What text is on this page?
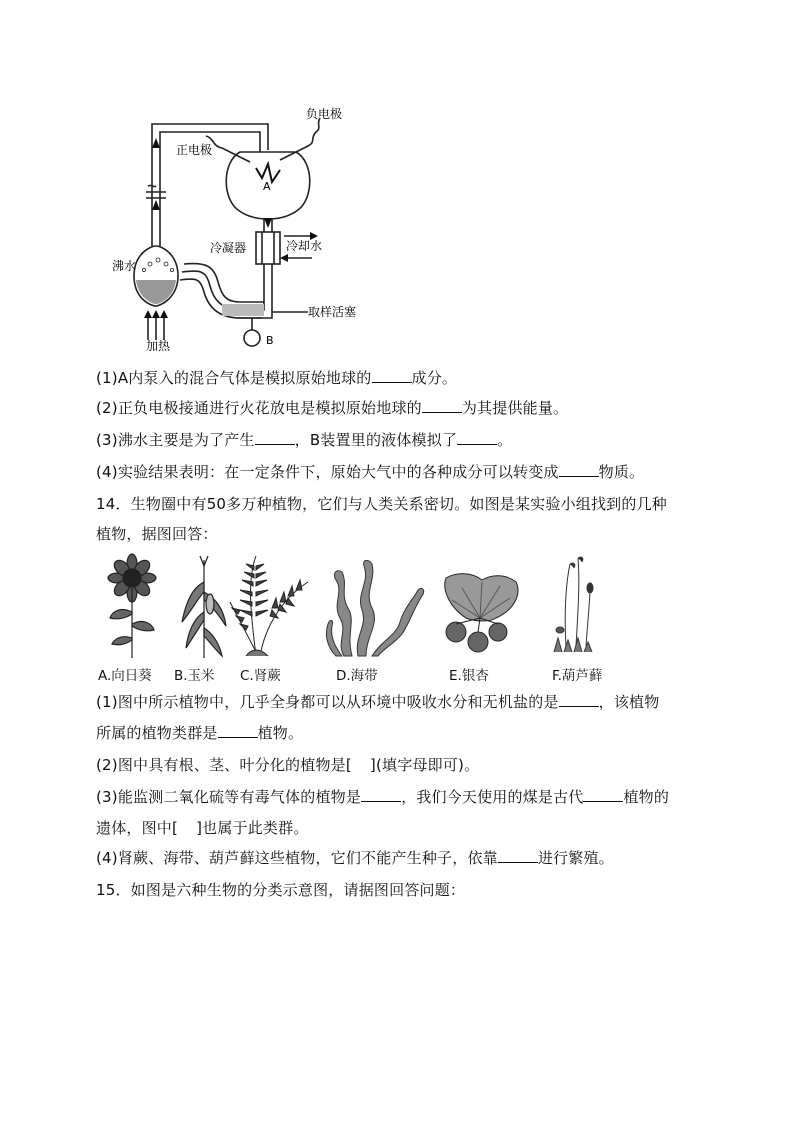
负电极
正电极
A
冷凝器	冷却水
沸水
取样活塞
B
加热
(1)A内泵入的混合气体是模拟原始地球的	成分。
(2)正负电极接通进行火花放电是模拟原始地球的	为其提供能量。
(3)沸水主要是为了产生	，B装置里的液体模拟了	。
(4)实验结果表明：在一定条件下，原始大气中的各种成分可以转变成	物质。
14．生物圈中有50多万种植物，它们与人类关系密切。如图是某实验小组找到的几种
植物，据图回答：
A.向日葵 B.玉米 C.肾蕨	D.海带	E.银杏	F.葫芦藓
(1)图中所示植物中，几乎全身都可以从环境中吸收水分和无机盐的是	，该植物
所属的植物类群是	植物。
(2)图中具有根、茎、叶分化的植物是[ ](填字母即可)。
(3)能监测二氧化硫等有毒气体的植物是	，我们今天使用的煤是古代	植物的
遗体，图中[ ]也属于此类群。
(4)肾蕨、海带、葫芦藓这些植物，它们不能产生种子，依靠	进行繁殖。
15．如图是六种生物的分类示意图，请据图回答问题：
